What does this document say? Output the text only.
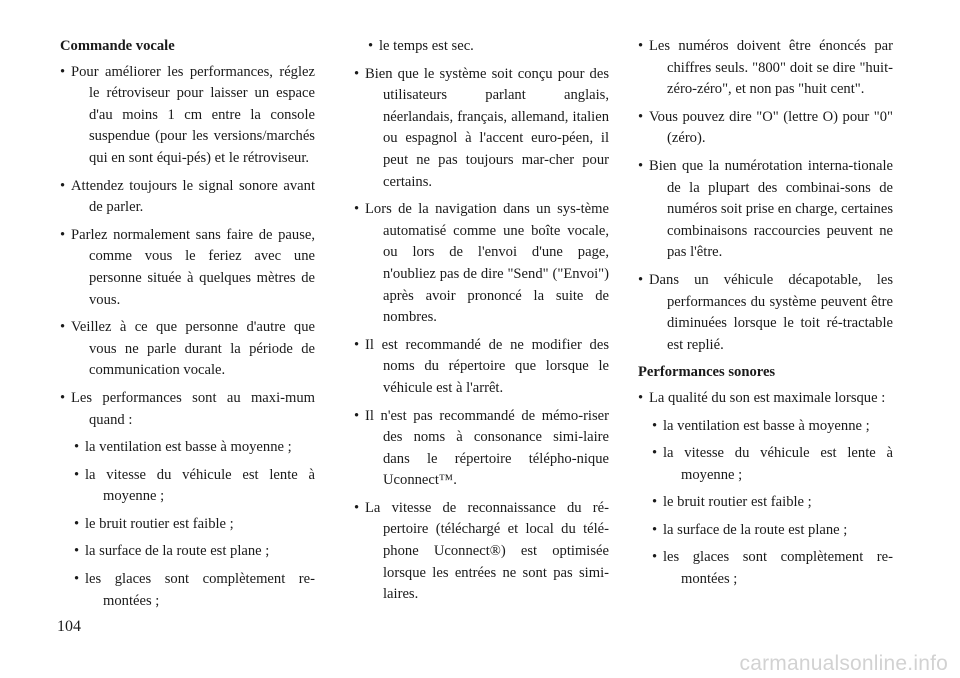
Commande vocale
• Pour améliorer les performances, réglez le rétroviseur pour laisser un espace d'au moins 1 cm entre la console suspendue (pour les versions/marchés qui en sont équi-pés) et le rétroviseur.
• Attendez toujours le signal sonore avant de parler.
• Parlez normalement sans faire de pause, comme vous le feriez avec une personne située à quelques mètres de vous.
• Veillez à ce que personne d'autre que vous ne parle durant la période de communication vocale.
• Les performances sont au maxi-mum quand :
• la ventilation est basse à moyenne ;
• la vitesse du véhicule est lente à moyenne ;
• le bruit routier est faible ;
• la surface de la route est plane ;
• les glaces sont complètement re-montées ;
• le temps est sec.
• Bien que le système soit conçu pour des utilisateurs parlant anglais, néerlandais, français, allemand, italien ou espagnol à l'accent euro-péen, il peut ne pas toujours mar-cher pour certains.
• Lors de la navigation dans un sys-tème automatisé comme une boîte vocale, ou lors de l'envoi d'une page, n'oubliez pas de dire "Send" ("Envoi") après avoir prononcé la suite de nombres.
• Il est recommandé de ne modifier des noms du répertoire que lorsque le véhicule est à l'arrêt.
• Il n'est pas recommandé de mémo-riser des noms à consonance simi-laire dans le répertoire télépho-nique Uconnect™.
• La vitesse de reconnaissance du ré-pertoire (téléchargé et local du télé-phone Uconnect®) est optimisée lorsque les entrées ne sont pas simi-laires.
• Les numéros doivent être énoncés par chiffres seuls. "800" doit se dire "huit-zéro-zéro", et non pas "huit cent".
• Vous pouvez dire "O" (lettre O) pour "0" (zéro).
• Bien que la numérotation interna-tionale de la plupart des combinai-sons de numéros soit prise en charge, certaines combinaisons raccourcies peuvent ne pas l'être.
• Dans un véhicule décapotable, les performances du système peuvent être diminuées lorsque le toit ré-tractable est replié.
Performances sonores
• La qualité du son est maximale lorsque :
• la ventilation est basse à moyenne ;
• la vitesse du véhicule est lente à moyenne ;
• le bruit routier est faible ;
• la surface de la route est plane ;
• les glaces sont complètement re-montées ;
104
carmanualsonline.info
